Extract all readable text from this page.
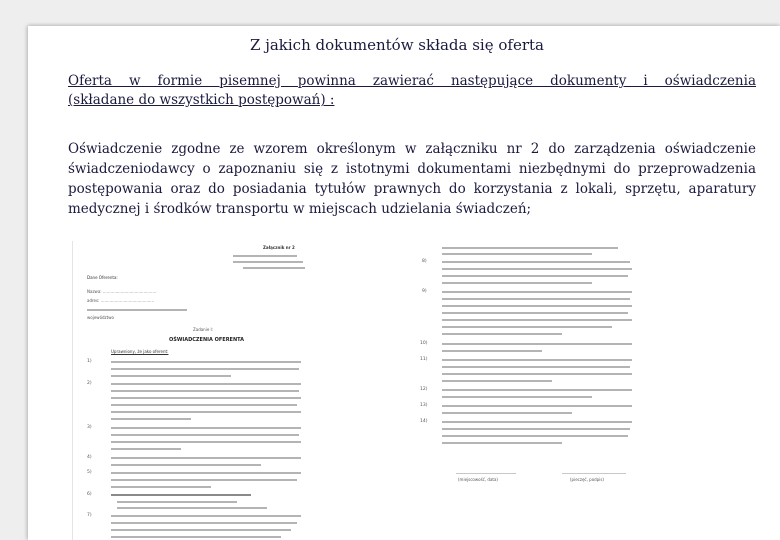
Z jakich dokumentów składa się oferta
Oferta w formie pisemnej powinna zawierać następujące dokumenty i oświadczenia
(składane do wszystkich postępowań) :
Oświadczenie zgodne ze wzorem określonym w załączniku nr 2 do zarządzenia oświadczenie świadczeniodawcy o zapoznaniu się z istotnymi dokumentami niezbędnymi do przeprowadzenia postępowania oraz do posiadania tytułów prawnych do korzystania z lokali, sprzętu, aparatury medycznej i środków transportu w miejscach udzielania świadczeń;
Załącznik nr 2
Dane Oferenta:
Nazwa: ..........................................
adres: ..........................................
województwo
Zadanie I:
OŚWIADCZENIA OFERENTA
Uprawniony, że jako oferent:
1)
2)
3)
4)
5)
6)
7)
8)
9)
10)
11)
12)
13)
14)
(miejscowość, data)	(pieczęć, podpis)
